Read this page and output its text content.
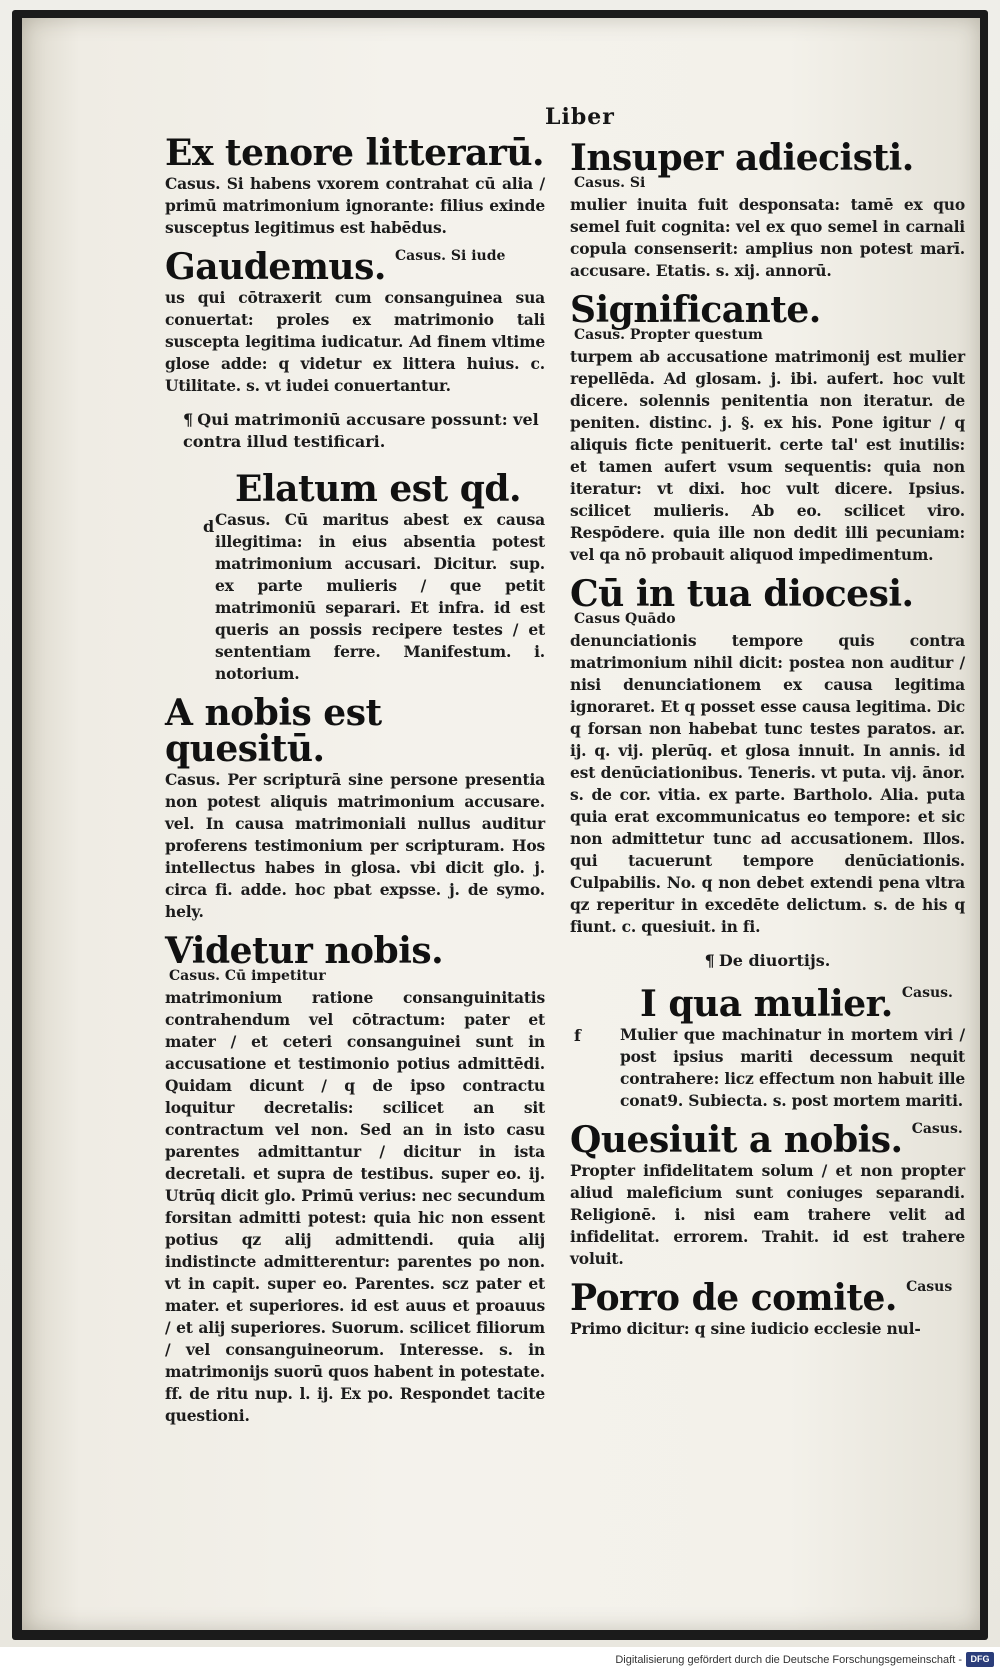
Liber
Ex tenore litterarū.
Casus. Si habens vxorem contrahat cū alia / primū matrimonium ignorante: filius exinde susceptus legitimus est habēdus.
Gaudemus. Casus. Si iude
us qui cōtraxerit cum consanguinea sua conuertat: proles ex matrimonio tali suscepta legitima iudicatur. Ad finem vltime glose adde: q videtur ex littera huius. c. Utilitate. s. vt iudei conuertantur.
¶ Qui matrimoniū accusare possunt: vel contra illud testificari.
d
Elatum est qd.
Casus. Cū maritus abest ex causa illegitima: in eius absentia potest matrimonium accusari. Dicitur. sup. ex parte mulieris / que petit matrimoniū separari. Et infra. id est queris an possis recipere testes / et sententiam ferre. Manifestum. i. notorium.
A nobis est quesitū.
Casus. Per scripturā sine persone presentia non potest aliquis matrimonium accusare. vel. In causa matrimoniali nullus auditur proferens testimonium per scripturam. Hos intellectus habes in glosa. vbi dicit glo. j. circa fi. adde. hoc pbat expsse. j. de symo. hely.
Videtur nobis. Casus. Cū impetitur
matrimonium ratione consanguinitatis contrahendum vel cōtractum: pater et mater / et ceteri consanguinei sunt in accusatione et testimonio potius admittēdi. Quidam dicunt / q de ipso contractu loquitur decretalis: scilicet an sit contractum vel non. Sed an in isto casu parentes admittantur / dicitur in ista decretali. et supra de testibus. super eo. ij. Utrūq dicit glo. Primū verius: nec secundum forsitan admitti potest: quia hic non essent potius qz alij admittendi. quia alij indistincte admitterentur: parentes po non. vt in capit. super eo. Parentes. scz pater et mater. et superiores. id est auus et proauus / et alij superiores. Suorum. scilicet filiorum / vel consanguineorum. Interesse. s. in matrimonijs suorū quos habent in potestate. ff. de ritu nup. l. ij. Ex po. Respondet tacite questioni.
Insuper adiecisti. Casus. Si
mulier inuita fuit desponsata: tamē ex quo semel fuit cognita: vel ex quo semel in carnali copula consenserit: amplius non potest marī. accusare. Etatis. s. xij. annorū.
Significante. Casus. Propter questum
turpem ab accusatione matrimonij est mulier repellēda. Ad glosam. j. ibi. aufert. hoc vult dicere. solennis penitentia non iteratur. de peniten. distinc. j. §. ex his. Pone igitur / q aliquis ficte penituerit. certe tal' est inutilis: et tamen aufert vsum sequentis: quia non iteratur: vt dixi. hoc vult dicere. Ipsius. scilicet mulieris. Ab eo. scilicet viro. Respōdere. quia ille non dedit illi pecuniam: vel qa nō probauit aliquod impedimentum.
Cū in tua diocesi. Casus Quādo
denunciationis tempore quis contra matrimonium nihil dicit: postea non auditur / nisi denunciationem ex causa legitima ignoraret. Et q posset esse causa legitima. Dic q forsan non habebat tunc testes paratos. ar. ij. q. vij. plerūq. et glosa innuit. In annis. id est denūciationibus. Teneris. vt puta. vij. ānor. s. de cor. vitia. ex parte. Bartholo. Alia. puta quia erat excommunicatus eo tempore: et sic non admittetur tunc ad accusationem. Illos. qui tacuerunt tempore denūciationis. Culpabilis. No. q non debet extendi pena vltra qz reperitur in excedēte delictum. s. de his q fiunt. c. quesiuit. in fi.
¶ De diuortijs.
f
I qua mulier. Casus.
Mulier que machinatur in mortem viri / post ipsius mariti decessum nequit contrahere: licz effectum non habuit ille conat9. Subiecta. s. post mortem mariti.
Quesiuit a nobis. Casus.
Propter infidelitatem solum / et non propter aliud maleficium sunt coniuges separandi. Religionē. i. nisi eam trahere velit ad infidelitat. errorem. Trahit. id est trahere voluit.
Porro de comite. Casus
Primo dicitur: q sine iudicio ecclesie nul-
Digitalisierung gefördert durch die Deutsche Forschungsgemeinschaft - DFG
